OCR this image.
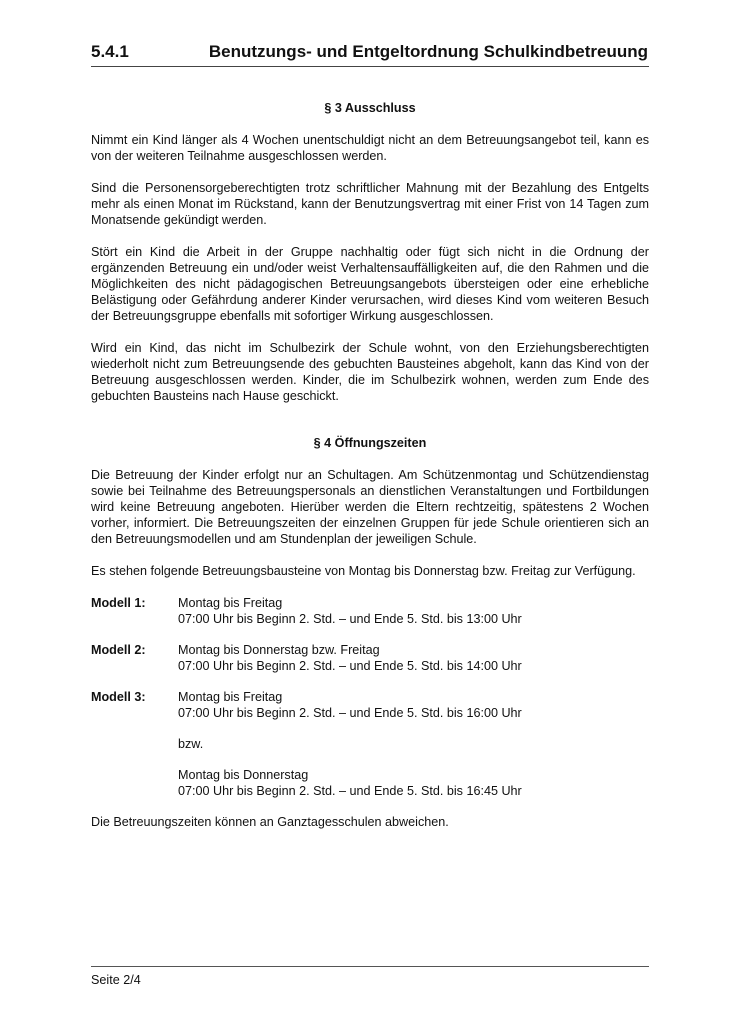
5.4.1	Benutzungs- und Entgeltordnung Schulkindbetreuung
§ 3 Ausschluss

Nimmt ein Kind länger als 4 Wochen unentschuldigt nicht an dem Betreuungsangebot teil, kann es von der weiteren Teilnahme ausgeschlossen werden.

Sind die Personensorgeberechtigten trotz schriftlicher Mahnung mit der Bezahlung des Entgelts mehr als einen Monat im Rückstand, kann der Benutzungsvertrag mit einer Frist von 14 Tagen zum Monatsende gekündigt werden.

Stört ein Kind die Arbeit in der Gruppe nachhaltig oder fügt sich nicht in die Ordnung der ergänzenden Betreuung ein und/oder weist Verhaltensauffälligkeiten auf, die den Rahmen und die Möglichkeiten des nicht pädagogischen Betreuungsangebots übersteigen oder eine erhebliche Belästigung oder Gefährdung anderer Kinder verursachen, wird dieses Kind vom weiteren Besuch der Betreuungsgruppe ebenfalls mit sofortiger Wirkung ausgeschlossen.

Wird ein Kind, das nicht im Schulbezirk der Schule wohnt, von den Erziehungsberechtigten wiederholt nicht zum Betreuungsende des gebuchten Bausteines abgeholt, kann das Kind von der Betreuung ausgeschlossen werden. Kinder, die im Schulbezirk wohnen, werden zum Ende des gebuchten Bausteins nach Hause geschickt.

§ 4 Öffnungszeiten

Die Betreuung der Kinder erfolgt nur an Schultagen. Am Schützenmontag und Schützendienstag sowie bei Teilnahme des Betreuungspersonals an dienstlichen Veranstaltungen und Fortbildungen wird keine Betreuung angeboten. Hierüber werden die Eltern rechtzeitig, spätestens 2 Wochen vorher, informiert. Die Betreuungszeiten der einzelnen Gruppen für jede Schule orientieren sich an den Betreuungsmodellen und am Stundenplan der jeweiligen Schule.

Es stehen folgende Betreuungsbausteine von Montag bis Donnerstag bzw. Freitag zur Verfügung.

Modell 1:	Montag bis Freitag
07:00 Uhr bis Beginn 2. Std. – und Ende 5. Std. bis 13:00 Uhr
Modell 2:	Montag bis Donnerstag bzw. Freitag
07:00 Uhr bis Beginn 2. Std. – und Ende 5. Std. bis 14:00 Uhr
Modell 3:	Montag bis Freitag
07:00 Uhr bis Beginn 2. Std. – und Ende 5. Std. bis 16:00 Uhr
bzw.
Montag bis Donnerstag
07:00 Uhr bis Beginn 2. Std. – und Ende 5. Std. bis 16:45 Uhr

Die Betreuungszeiten können an Ganztagesschulen abweichen.

Seite 2/4
